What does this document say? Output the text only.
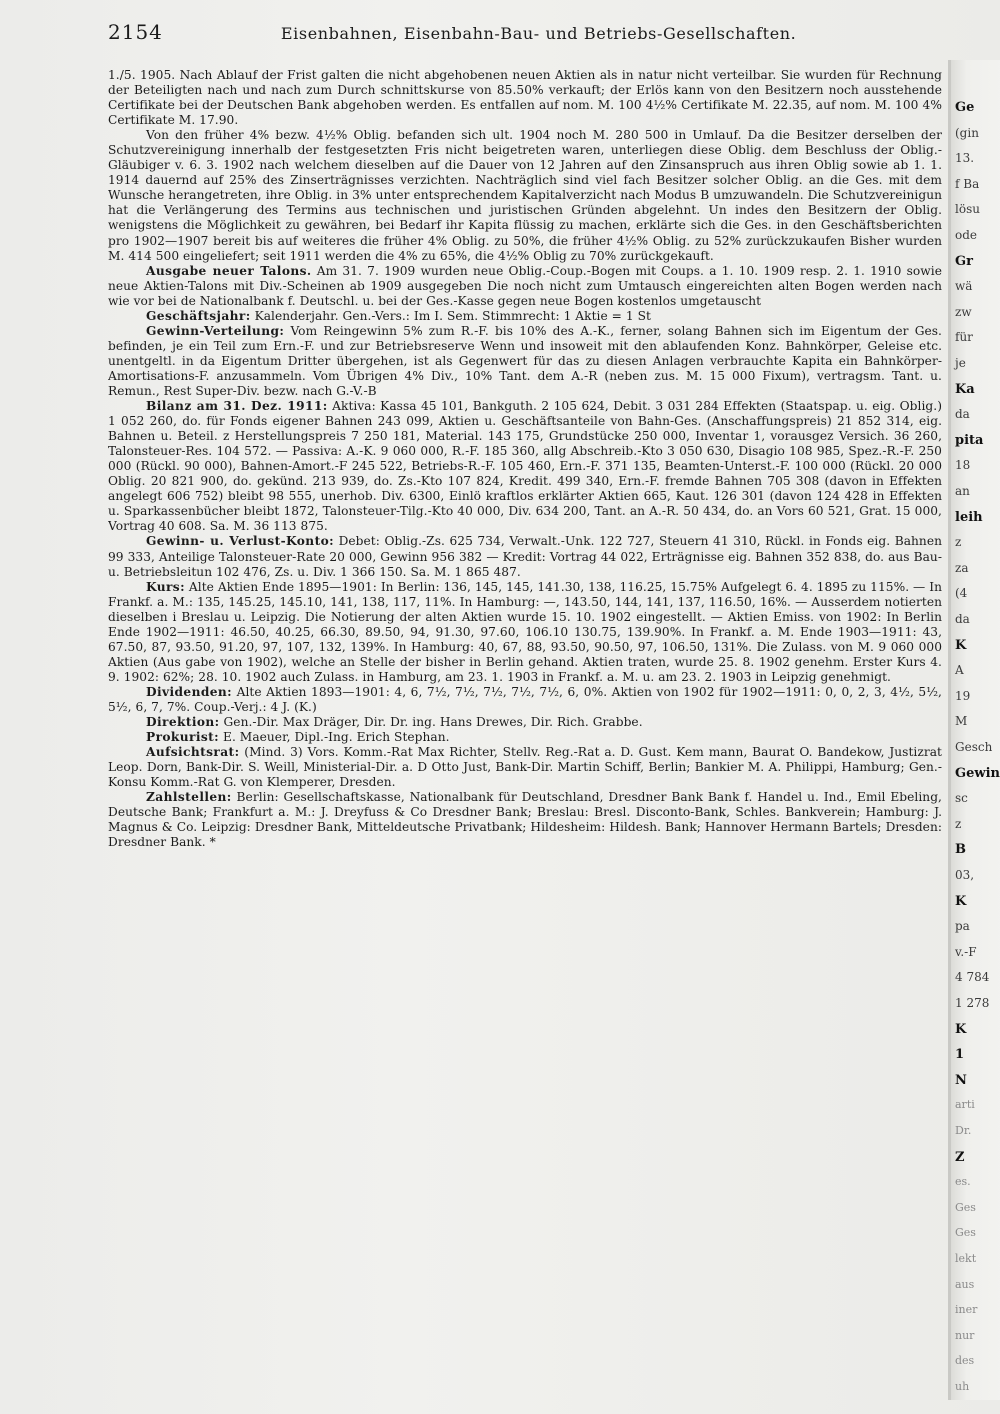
2154	Eisenbahnen, Eisenbahn-Bau- und Betriebs-Gesellschaften.

1./5. 1905. Nach Ablauf der Frist galten die nicht abgehobenen neuen Aktien als in natur nicht verteilbar. Sie wurden für Rechnung der Beteiligten nach und nach zum Durch schnittskurse von 85.50% verkauft; der Erlös kann von den Besitzern noch ausstehende Certifikate bei der Deutschen Bank abgehoben werden. Es entfallen auf nom. M. 100 4½% Certifikate M. 22.35, auf nom. M. 100 4% Certifikate M. 17.90.

Von den früher 4% bezw. 4½% Oblig. befanden sich ult. 1904 noch M. 280 500 in Umlauf. Da die Besitzer derselben der Schutzvereinigung innerhalb der festgesetzten Fris nicht beigetreten waren, unterliegen diese Oblig. dem Beschluss der Oblig.-Gläubiger v. 6. 3. 1902 nach welchem dieselben auf die Dauer von 12 Jahren auf den Zinsanspruch aus ihren Oblig sowie ab 1. 1. 1914 dauernd auf 25% des Zinserträgnisses verzichten. Nachträglich sind viel fach Besitzer solcher Oblig. an die Ges. mit dem Wunsche herangetreten, ihre Oblig. in 3% unter entsprechendem Kapitalverzicht nach Modus B umzuwandeln. Die Schutzvereinigun hat die Verlängerung des Termins aus technischen und juristischen Gründen abgelehnt. Un indes den Besitzern der Oblig. wenigstens die Möglichkeit zu gewähren, bei Bedarf ihr Kapita flüssig zu machen, erklärte sich die Ges. in den Geschäftsberichten pro 1902—1907 bereit bis auf weiteres die früher 4% Oblig. zu 50%, die früher 4½% Oblig. zu 52% zurückzukaufen Bisher wurden M. 414 500 eingeliefert; seit 1911 werden die 4% zu 65%, die 4½% Oblig zu 70% zurückgekauft.

Ausgabe neuer Talons. Am 31. 7. 1909 wurden neue Oblig.-Coup.-Bogen mit Coups. a 1. 10. 1909 resp. 2. 1. 1910 sowie neue Aktien-Talons mit Div.-Scheinen ab 1909 ausgegeben Die noch nicht zum Umtausch eingereichten alten Bogen werden nach wie vor bei de Nationalbank f. Deutschl. u. bei der Ges.-Kasse gegen neue Bogen kostenlos umgetauscht

Geschäftsjahr: Kalenderjahr. Gen.-Vers.: Im I. Sem. Stimmrecht: 1 Aktie = 1 St

Gewinn-Verteilung: Vom Reingewinn 5% zum R.-F. bis 10% des A.-K., ferner, solang Bahnen sich im Eigentum der Ges. befinden, je ein Teil zum Ern.-F. und zur Betriebsreserve Wenn und insoweit mit den ablaufenden Konz. Bahnkörper, Geleise etc. unentgeltl. in da Eigentum Dritter übergehen, ist als Gegenwert für das zu diesen Anlagen verbrauchte Kapita ein Bahnkörper-Amortisations-F. anzusammeln. Vom Übrigen 4% Div., 10% Tant. dem A.-R (neben zus. M. 15 000 Fixum), vertragsm. Tant. u. Remun., Rest Super-Div. bezw. nach G.-V.-B

Bilanz am 31. Dez. 1911: Aktiva: Kassa 45 101, Bankguth. 2 105 624, Debit. 3 031 284 Effekten (Staatspap. u. eig. Oblig.) 1 052 260, do. für Fonds eigener Bahnen 243 099, Aktien u. Geschäftsanteile von Bahn-Ges. (Anschaffungspreis) 21 852 314, eig. Bahnen u. Beteil. z Herstellungspreis 7 250 181, Material. 143 175, Grundstücke 250 000, Inventar 1, vorausgez Versich. 36 260, Talonsteuer-Res. 104 572. — Passiva: A.-K. 9 060 000, R.-F. 185 360, allg Abschreib.-Kto 3 050 630, Disagio 108 985, Spez.-R.-F. 250 000 (Rückl. 90 000), Bahnen-Amort.-F 245 522, Betriebs-R.-F. 105 460, Ern.-F. 371 135, Beamten-Unterst.-F. 100 000 (Rückl. 20 000 Oblig. 20 821 900, do. gekünd. 213 939, do. Zs.-Kto 107 824, Kredit. 499 340, Ern.-F. fremde Bahnen 705 308 (davon in Effekten angelegt 606 752) bleibt 98 555, unerhob. Div. 6300, Einlö kraftlos erklärter Aktien 665, Kaut. 126 301 (davon 124 428 in Effekten u. Sparkassenbücher bleibt 1872, Talonsteuer-Tilg.-Kto 40 000, Div. 634 200, Tant. an A.-R. 50 434, do. an Vors 60 521, Grat. 15 000, Vortrag 40 608. Sa. M. 36 113 875.

Gewinn- u. Verlust-Konto: Debet: Oblig.-Zs. 625 734, Verwalt.-Unk. 122 727, Steuern 41 310, Rückl. in Fonds eig. Bahnen 99 333, Anteilige Talonsteuer-Rate 20 000, Gewinn 956 382 — Kredit: Vortrag 44 022, Erträgnisse eig. Bahnen 352 838, do. aus Bau- u. Betriebsleitun 102 476, Zs. u. Div. 1 366 150. Sa. M. 1 865 487.

Kurs: Alte Aktien Ende 1895—1901: In Berlin: 136, 145, 145, 141.30, 138, 116.25, 15.75% Aufgelegt 6. 4. 1895 zu 115%. — In Frankf. a. M.: 135, 145.25, 145.10, 141, 138, 117, 11%. In Hamburg: —, 143.50, 144, 141, 137, 116.50, 16%. — Ausserdem notierten dieselben i Breslau u. Leipzig. Die Notierung der alten Aktien wurde 15. 10. 1902 eingestellt. — Aktien Emiss. von 1902: In Berlin Ende 1902—1911: 46.50, 40.25, 66.30, 89.50, 94, 91.30, 97.60, 106.10 130.75, 139.90%. In Frankf. a. M. Ende 1903—1911: 43, 67.50, 87, 93.50, 91.20, 97, 107, 132, 139%. In Hamburg: 40, 67, 88, 93.50, 90.50, 97, 106.50, 131%. Die Zulass. von M. 9 060 000 Aktien (Aus gabe von 1902), welche an Stelle der bisher in Berlin gehand. Aktien traten, wurde 25. 8. 1902 genehm. Erster Kurs 4. 9. 1902: 62%; 28. 10. 1902 auch Zulass. in Hamburg, am 23. 1. 1903 in Frankf. a. M. u. am 23. 2. 1903 in Leipzig genehmigt.

Dividenden: Alte Aktien 1893—1901: 4, 6, 7½, 7½, 7½, 7½, 7½, 6, 0%. Aktien von 1902 für 1902—1911: 0, 0, 2, 3, 4½, 5½, 5½, 6, 7, 7%. Coup.-Verj.: 4 J. (K.)

Direktion: Gen.-Dir. Max Dräger, Dir. Dr. ing. Hans Drewes, Dir. Rich. Grabbe.

Prokurist: E. Maeuer, Dipl.-Ing. Erich Stephan.

Aufsichtsrat: (Mind. 3) Vors. Komm.-Rat Max Richter, Stellv. Reg.-Rat a. D. Gust. Kem mann, Baurat O. Bandekow, Justizrat Leop. Dorn, Bank-Dir. S. Weill, Ministerial-Dir. a. D Otto Just, Bank-Dir. Martin Schiff, Berlin; Bankier M. A. Philippi, Hamburg; Gen.-Konsu Komm.-Rat G. von Klemperer, Dresden.

Zahlstellen: Berlin: Gesellschaftskasse, Nationalbank für Deutschland, Dresdner Bank Bank f. Handel u. Ind., Emil Ebeling, Deutsche Bank; Frankfurt a. M.: J. Dreyfuss & Co Dresdner Bank; Breslau: Bresl. Disconto-Bank, Schles. Bankverein; Hamburg: J. Magnus & Co. Leipzig: Dresdner Bank, Mitteldeutsche Privatbank; Hildesheim: Hildesh. Bank; Hannover Hermann Bartels; Dresden: Dresdner Bank. *

Ge
(gin
13.
f Ba
lösu
ode
Gr
wä
zw
für
je
Ka
da
pita
18
an
leih
z
za
(4
da
K
A
19
M
Gesch
Gewin
sc
z
B
03,
K
pa
v.-F
4 784
1 278
K
1
N
arti
Dr.
Z
es.
Ges
Ges
lekt
aus
iner
nur
des
uh
